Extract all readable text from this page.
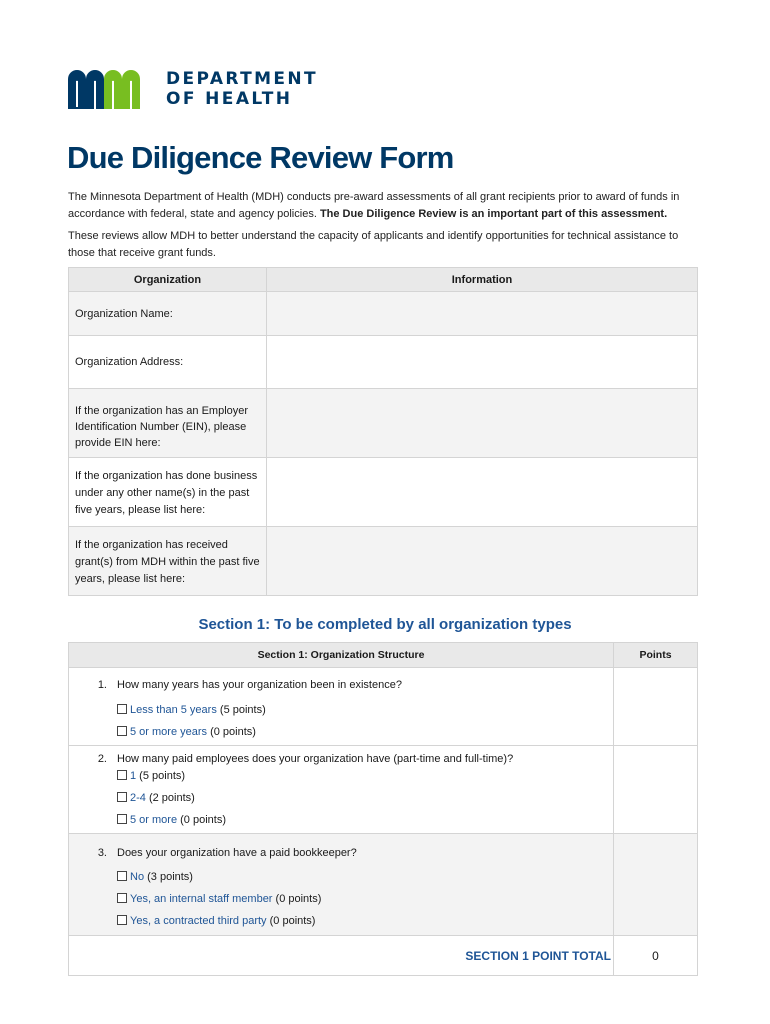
DEPARTMENT
OF HEALTH
Due Diligence Review Form

The Minnesota Department of Health (MDH) conducts pre-award assessments of all grant recipients prior to award of funds in accordance with federal, state and agency policies. The Due Diligence Review is an important part of this assessment.

These reviews allow MDH to better understand the capacity of applicants and identify opportunities for technical assistance to those that receive grant funds.

Organization	Information

Organization Name:	

Organization Address:	

If the organization has an Employer Identification Number (EIN), please provide EIN here:	

If the organization has done business under any other name(s) in the past five years, please list here:	

If the organization has received grant(s) from MDH within the past five years, please list here:	

Section 1: To be completed by all organization types
Section 1: Organization Structure	Points

1. How many years has your organization been in existence?
Less than 5 years (5 points)
5 or more years (0 points)	

2. How many paid employees does your organization have (part-time and full-time)?
1 (5 points)
2-4 (2 points)
5 or more (0 points)	

3. Does your organization have a paid bookkeeper?
No (3 points)
Yes, an internal staff member (0 points)
Yes, a contracted third party (0 points)	

SECTION 1 POINT TOTAL	0
